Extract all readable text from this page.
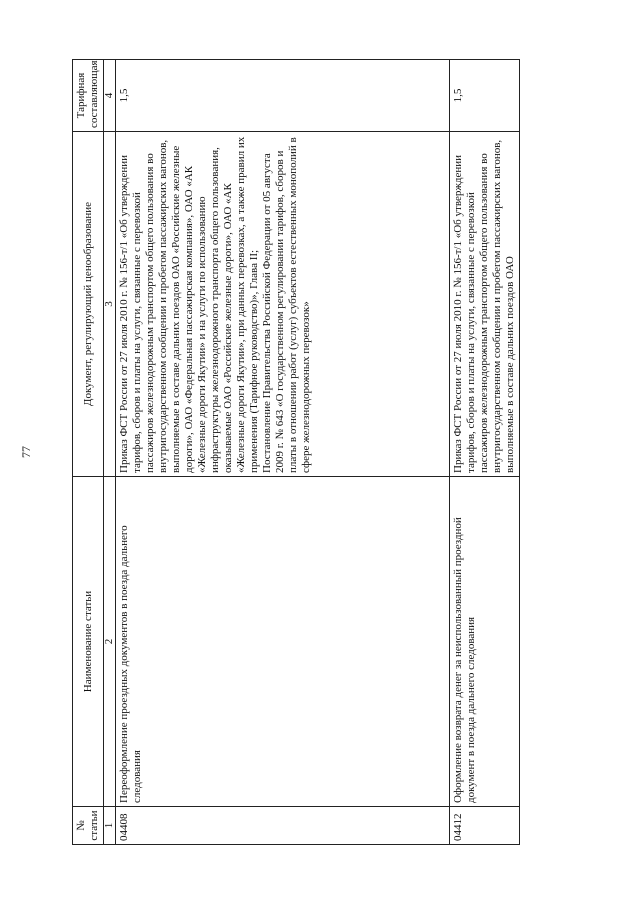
77
№ статьи	Наименование статьи	Документ, регулирующий ценообразование	Тарифная составляющая
1	2	3	4
04408	Переоформление проездных документов в поезда дальнего следования	Приказ ФСТ России от 27 июля 2010 г. № 156-т/1 «Об утверждении тарифов, сборов и платы на услуги, связанные с перевозкой пассажиров железнодорожным транспортом общего пользования во внутригосударственном сообщении и пробегом пассажирских вагонов, выполняемые в составе дальних поездов ОАО «Российские железные дороги», ОАО «Федеральная пассажирская компания», ОАО «АК «Железные дороги Якутии» и на услуги по использованию инфраструктуры железнодорожного транспорта общего пользования, оказываемые ОАО «Российские железные дороги», ОАО «АК «Железные дороги Якутии», при данных перевозках, а также правил их применения (Тарифное руководство)», Глава II; Постановление Правительства Российской Федерации от 05 августа 2009 г. № 643 «О государственном регулировании тарифов, сборов и платы в отношении работ (услуг) субъектов естественных монополий в сфере железнодорожных перевозок»	1,5
04412	Оформление возврата денег за неиспользованный проездной документ в поезда дальнего следования	Приказ ФСТ России от 27 июля 2010 г. № 156-т/1 «Об утверждении тарифов, сборов и платы на услуги, связанные с перевозкой пассажиров железнодорожным транспортом общего пользования во внутригосударственном сообщении и пробегом пассажирских вагонов, выполняемые в составе дальних поездов ОАО	1,5
